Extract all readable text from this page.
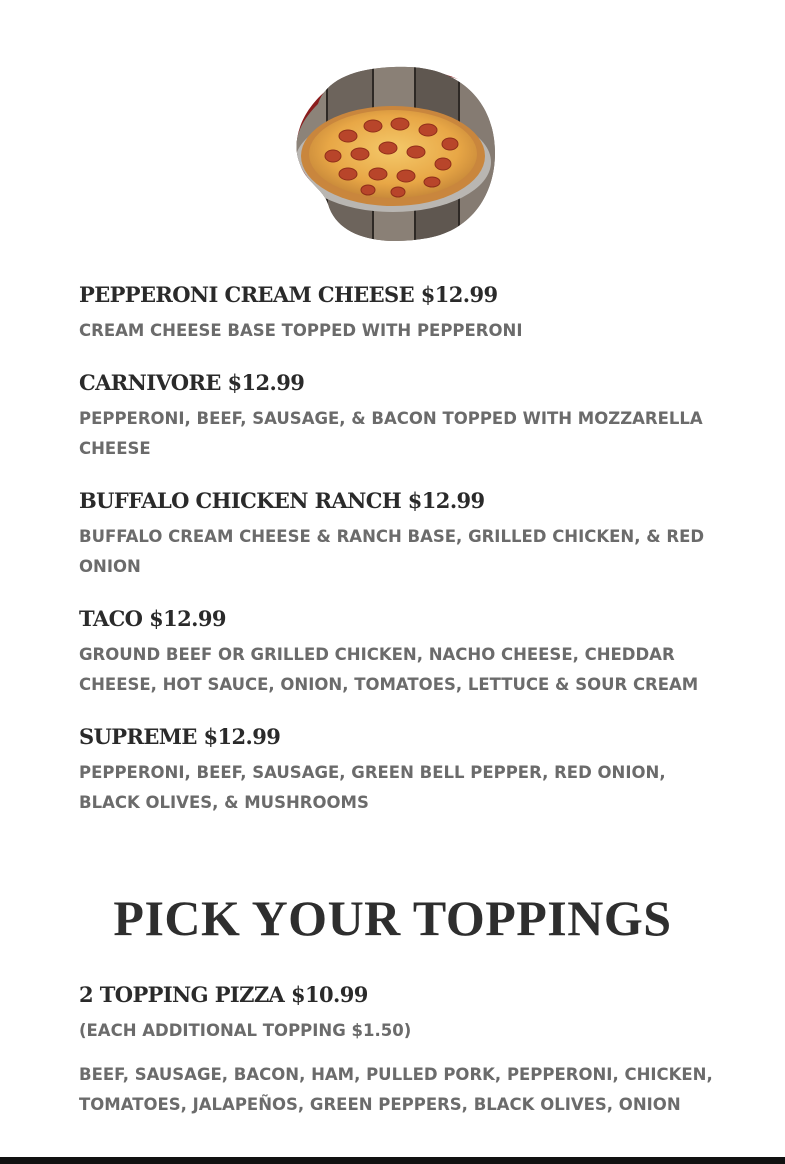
PEPPERONI CREAM CHEESE $12.99
CREAM CHEESE BASE TOPPED WITH PEPPERONI
CARNIVORE $12.99
PEPPERONI, BEEF, SAUSAGE, & BACON TOPPED WITH MOZZARELLA CHEESE
BUFFALO CHICKEN RANCH $12.99
BUFFALO CREAM CHEESE & RANCH BASE, GRILLED CHICKEN, & RED ONION
TACO $12.99
GROUND BEEF OR GRILLED CHICKEN, NACHO CHEESE, CHEDDAR CHEESE, HOT SAUCE, ONION, TOMATOES, LETTUCE & SOUR CREAM
SUPREME $12.99
PEPPERONI, BEEF, SAUSAGE, GREEN BELL PEPPER, RED ONION, BLACK OLIVES, & MUSHROOMS
PICK YOUR TOPPINGS
2 TOPPING PIZZA $10.99
(EACH ADDITIONAL TOPPING $1.50)
BEEF, SAUSAGE, BACON, HAM, PULLED PORK, PEPPERONI, CHICKEN, TOMATOES, JALAPEÑOS, GREEN PEPPERS, BLACK OLIVES, ONION
